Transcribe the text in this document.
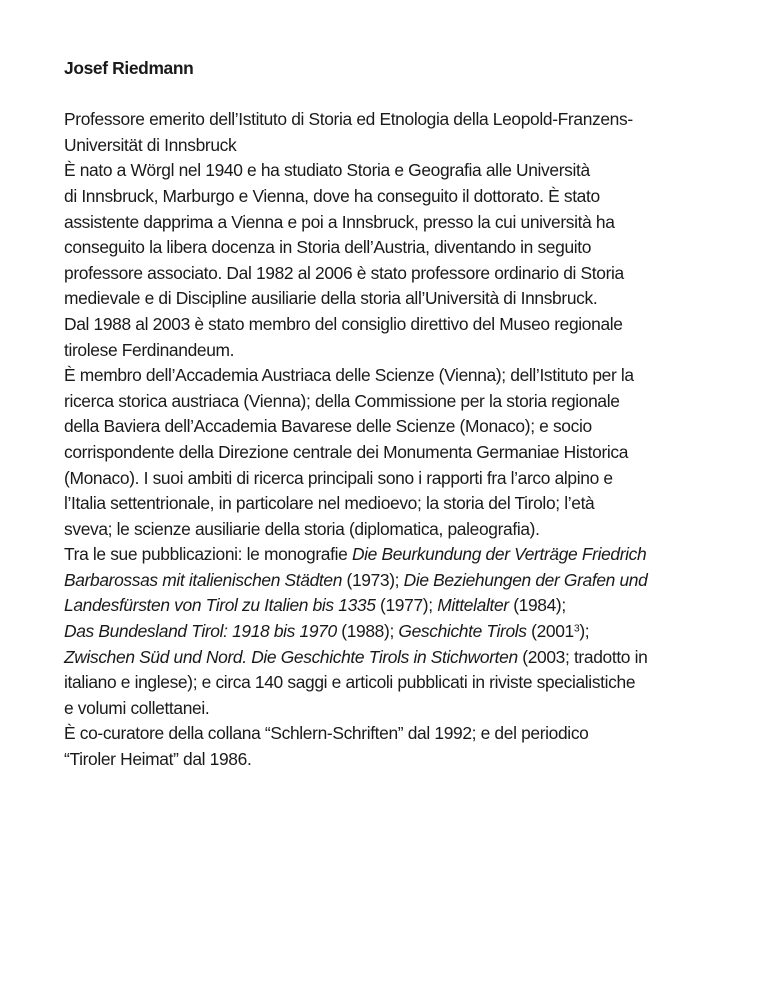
Josef Riedmann

Professore emerito dell’Istituto di Storia ed Etnologia della Leopold-Franzens-
Universität di Innsbruck
È nato a Wörgl nel 1940 e ha studiato Storia e Geografia alle Università
di Innsbruck, Marburgo e Vienna, dove ha conseguito il dottorato. È stato
assistente dapprima a Vienna e poi a Innsbruck, presso la cui università ha
conseguito la libera docenza in Storia dell’Austria, diventando in seguito
professore associato. Dal 1982 al 2006 è stato professore ordinario di Storia
medievale e di Discipline ausiliarie della storia all’Università di Innsbruck.
Dal 1988 al 2003 è stato membro del consiglio direttivo del Museo regionale
tirolese Ferdinandeum.
È membro dell’Accademia Austriaca delle Scienze (Vienna); dell’Istituto per la
ricerca storica austriaca (Vienna); della Commissione per la storia regionale
della Baviera dell’Accademia Bavarese delle Scienze (Monaco); e socio
corrispondente della Direzione centrale dei Monumenta Germaniae Historica
(Monaco). I suoi ambiti di ricerca principali sono i rapporti fra l’arco alpino e
l’Italia settentrionale, in particolare nel medioevo; la storia del Tirolo; l’età
sveva; le scienze ausiliarie della storia (diplomatica, paleografia).
Tra le sue pubblicazioni: le monografie Die Beurkundung der Verträge Friedrich
Barbarossas mit italienischen Städten (1973); Die Beziehungen der Grafen und
Landesfürsten von Tirol zu Italien bis 1335 (1977); Mittelalter (1984);
Das Bundesland Tirol: 1918 bis 1970 (1988); Geschichte Tirols (2001$^3$);
Zwischen Süd und Nord. Die Geschichte Tirols in Stichworten (2003; tradotto in
italiano e inglese); e circa 140 saggi e articoli pubblicati in riviste specialistiche
e volumi collettanei.
È co-curatore della collana “Schlern-Schriften” dal 1992; e del periodico
“Tiroler Heimat” dal 1986.
